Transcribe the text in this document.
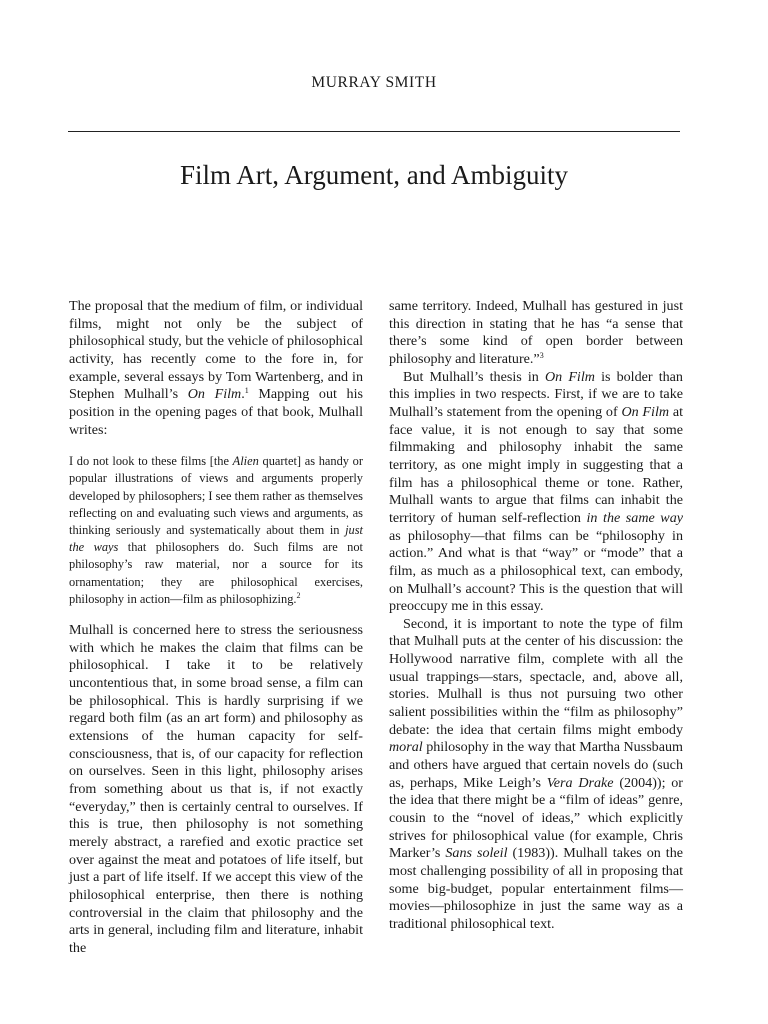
MURRAY SMITH
Film Art, Argument, and Ambiguity

The proposal that the medium of film, or individual films, might not only be the subject of philosophical study, but the vehicle of philosophical activity, has recently come to the fore in, for example, several essays by Tom Wartenberg, and in Stephen Mulhall’s On Film.$^1$ Mapping out his position in the opening pages of that book, Mulhall writes:

I do not look to these films [the Alien quartet] as handy or popular illustrations of views and arguments properly developed by philosophers; I see them rather as themselves reflecting on and evaluating such views and arguments, as thinking seriously and systematically about them in just the ways that philosophers do. Such films are not philosophy’s raw material, nor a source for its ornamentation; they are philosophical exercises, philosophy in action—film as philosophizing.$^2$

Mulhall is concerned here to stress the seriousness with which he makes the claim that films can be philosophical. I take it to be relatively uncontentious that, in some broad sense, a film can be philosophical. This is hardly surprising if we regard both film (as an art form) and philosophy as extensions of the human capacity for self-consciousness, that is, of our capacity for reflection on ourselves. Seen in this light, philosophy arises from something about us that is, if not exactly “everyday,” then is certainly central to ourselves. If this is true, then philosophy is not something merely abstract, a rarefied and exotic practice set over against the meat and potatoes of life itself, but just a part of life itself. If we accept this view of the philosophical enterprise, then there is nothing controversial in the claim that philosophy and the arts in general, including film and literature, inhabit the

same territory. Indeed, Mulhall has gestured in just this direction in stating that he has “a sense that there’s some kind of open border between philosophy and literature.”$^3$

But Mulhall’s thesis in On Film is bolder than this implies in two respects. First, if we are to take Mulhall’s statement from the opening of On Film at face value, it is not enough to say that some filmmaking and philosophy inhabit the same territory, as one might imply in suggesting that a film has a philosophical theme or tone. Rather, Mulhall wants to argue that films can inhabit the territory of human self-reflection in the same way as philosophy—that films can be “philosophy in action.” And what is that “way” or “mode” that a film, as much as a philosophical text, can embody, on Mulhall’s account? This is the question that will preoccupy me in this essay.

Second, it is important to note the type of film that Mulhall puts at the center of his discussion: the Hollywood narrative film, complete with all the usual trappings—stars, spectacle, and, above all, stories. Mulhall is thus not pursuing two other salient possibilities within the “film as philosophy” debate: the idea that certain films might embody moral philosophy in the way that Martha Nussbaum and others have argued that certain novels do (such as, perhaps, Mike Leigh’s Vera Drake (2004)); or the idea that there might be a “film of ideas” genre, cousin to the “novel of ideas,” which explicitly strives for philosophical value (for example, Chris Marker’s Sans soleil (1983)). Mulhall takes on the most challenging possibility of all in proposing that some big-budget, popular entertainment films—movies—philosophize in just the same way as a traditional philosophical text.
